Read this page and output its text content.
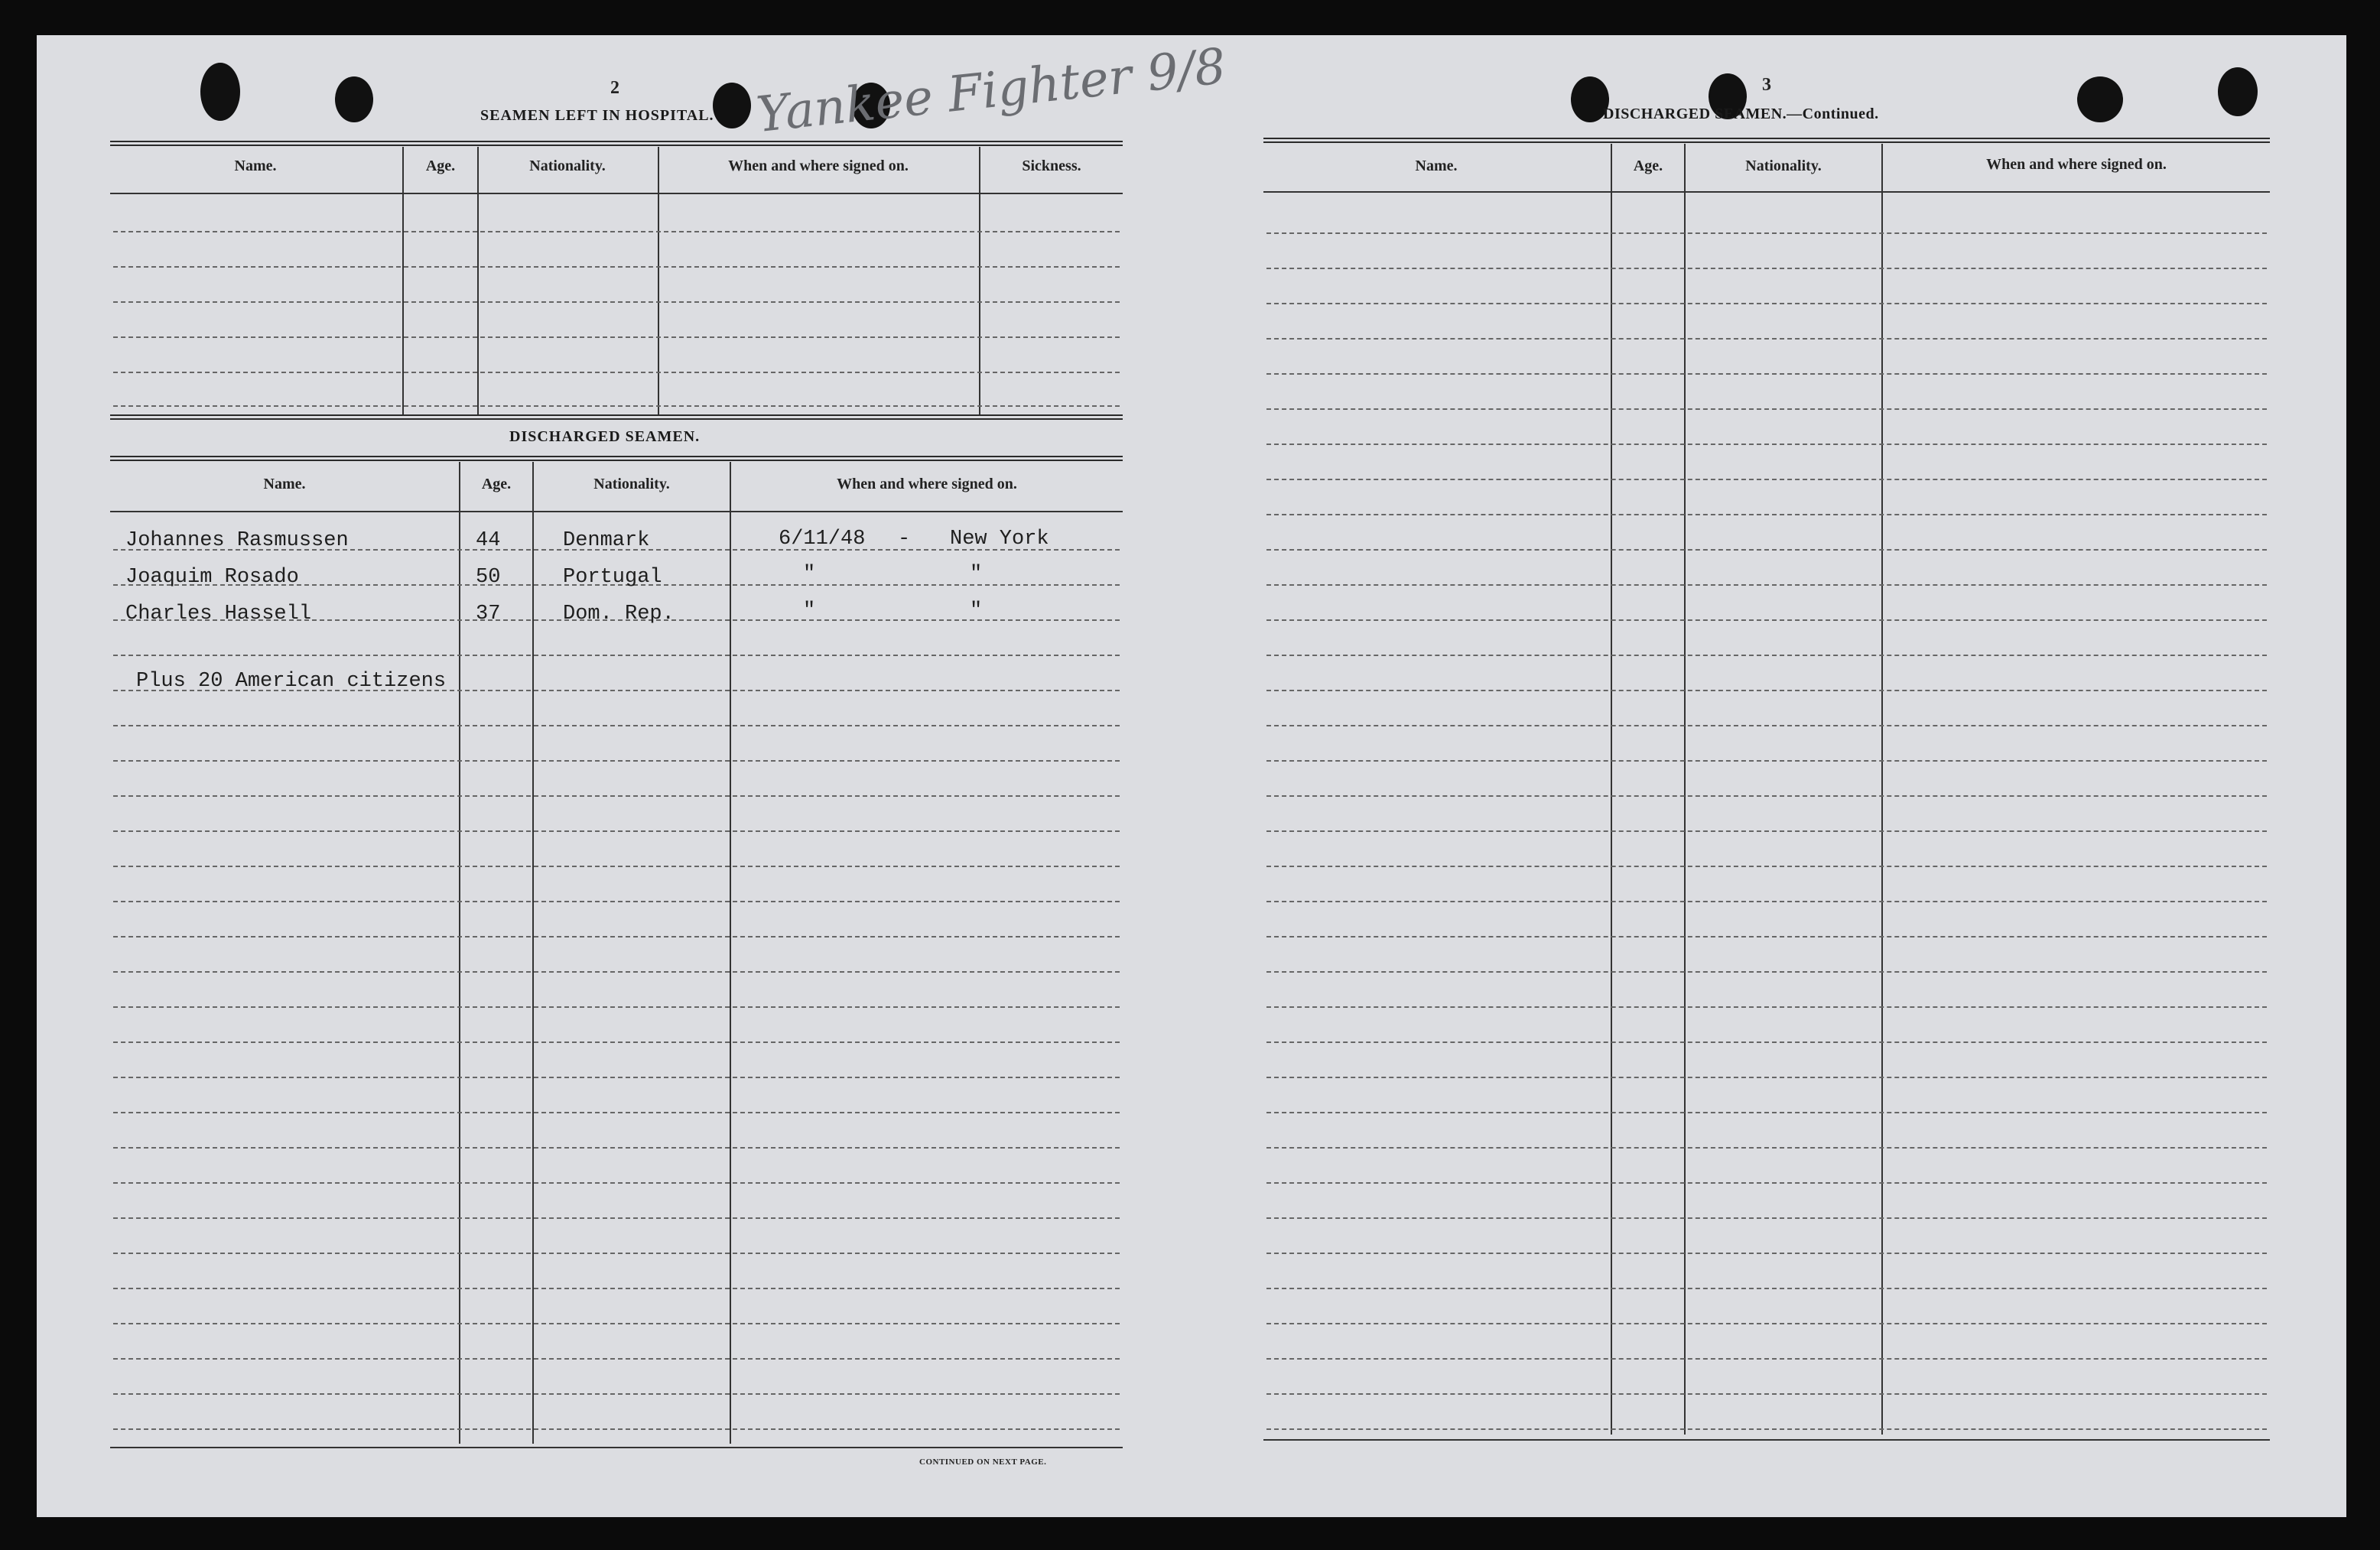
2
SEAMEN LEFT IN HOSPITAL. Yankee Fighter 9/8
Name.	Age.	Nationality.	When and where signed on.	Sickness.
DISCHARGED SEAMEN.
Name.	Age.	Nationality.	When and where signed on.
Johannes Rasmussen	44	Denmark	6/11/48 - New York
Joaquim Rosado	50	Portugal	"	"
Charles Hassell	37	Dom. Rep.	"	"
Plus 20 American citizens
CONTINUED ON NEXT PAGE.
3
DISCHARGED SEAMEN.—Continued.
Name.	Age.	Nationality.	When and where signed on.
